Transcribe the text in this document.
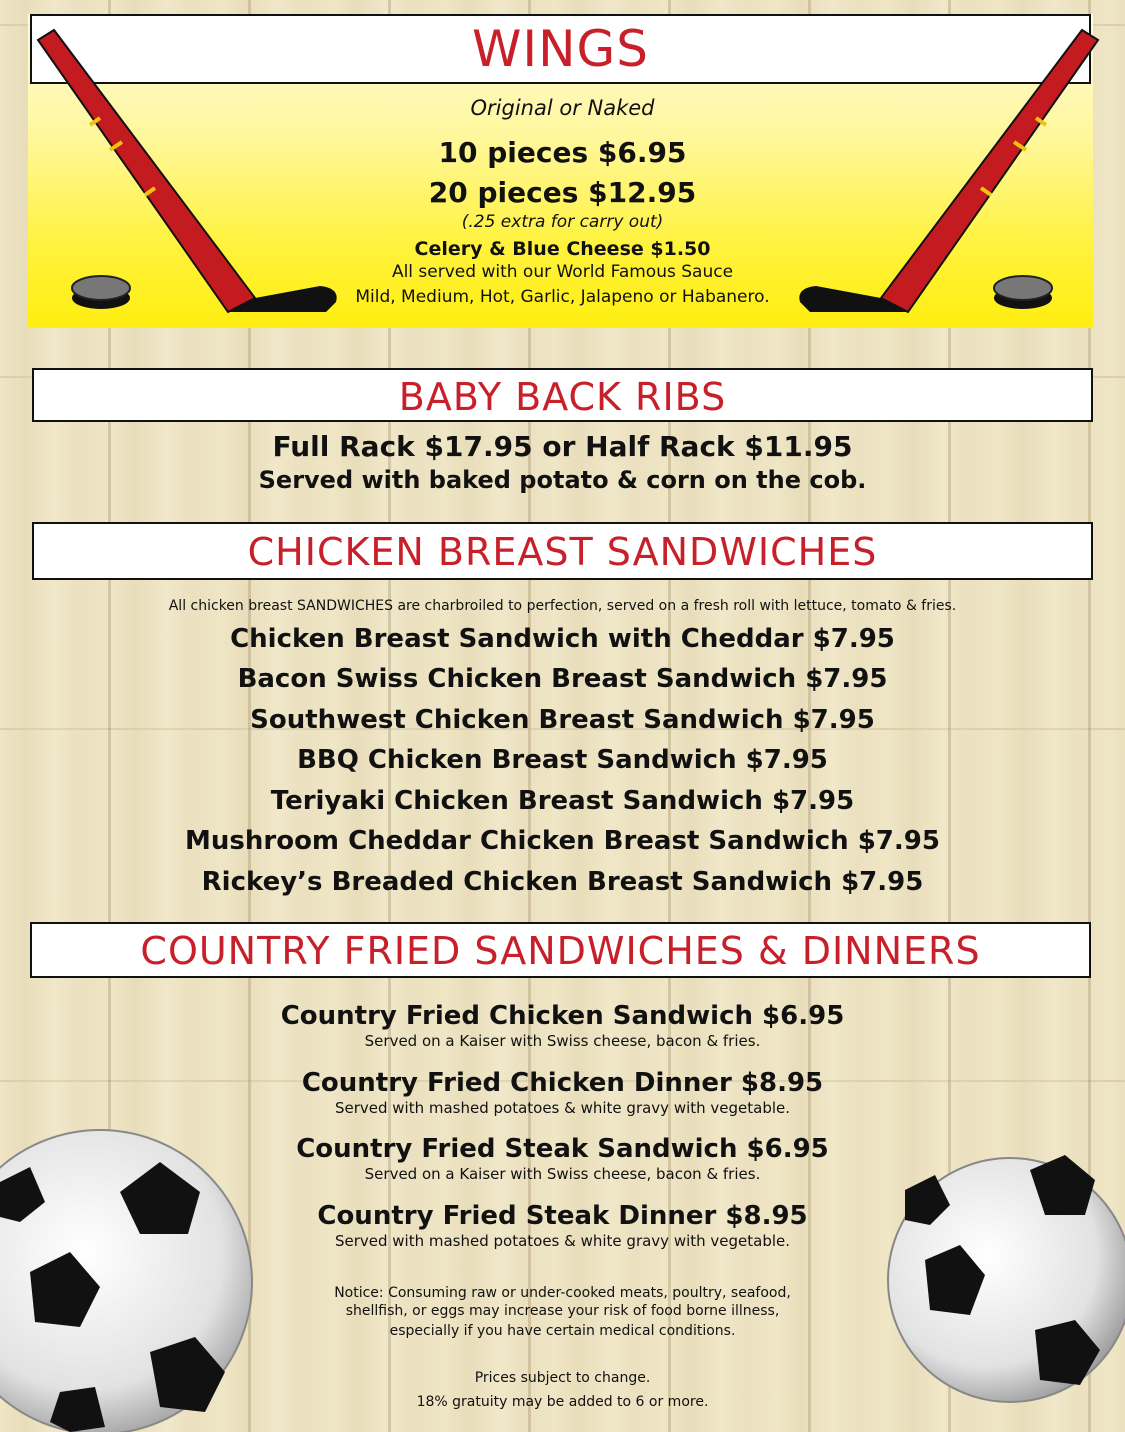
WINGS
Original or Naked
10 pieces $6.95
20 pieces $12.95
(.25 extra for carry out)
Celery & Blue Cheese $1.50
All served with our World Famous Sauce
Mild, Medium, Hot, Garlic, Jalapeno or Habanero.
BABY BACK RIBS
Full Rack $17.95 or Half Rack $11.95
Served with baked potato & corn on the cob.
CHICKEN BREAST SANDWICHES
All chicken breast SANDWICHES are charbroiled to perfection, served on a fresh roll with lettuce, tomato & fries.
Chicken Breast Sandwich with Cheddar $7.95
Bacon Swiss Chicken Breast Sandwich $7.95
Southwest Chicken Breast Sandwich $7.95
BBQ Chicken Breast Sandwich $7.95
Teriyaki Chicken Breast Sandwich $7.95
Mushroom Cheddar Chicken Breast Sandwich $7.95
Rickey’s Breaded Chicken Breast Sandwich $7.95
COUNTRY FRIED SANDWICHES & DINNERS
Country Fried Chicken Sandwich $6.95
Served on a Kaiser with Swiss cheese, bacon & fries.
Country Fried Chicken Dinner $8.95
Served with mashed potatoes & white gravy with vegetable.
Country Fried Steak Sandwich $6.95
Served on a Kaiser with Swiss cheese, bacon & fries.
Country Fried Steak Dinner $8.95
Served with mashed potatoes & white gravy with vegetable.
Notice: Consuming raw or under-cooked meats, poultry, seafood,
shellfish, or eggs may increase your risk of food borne illness,
especially if you have certain medical conditions.
Prices subject to change.
18% gratuity may be added to 6 or more.
